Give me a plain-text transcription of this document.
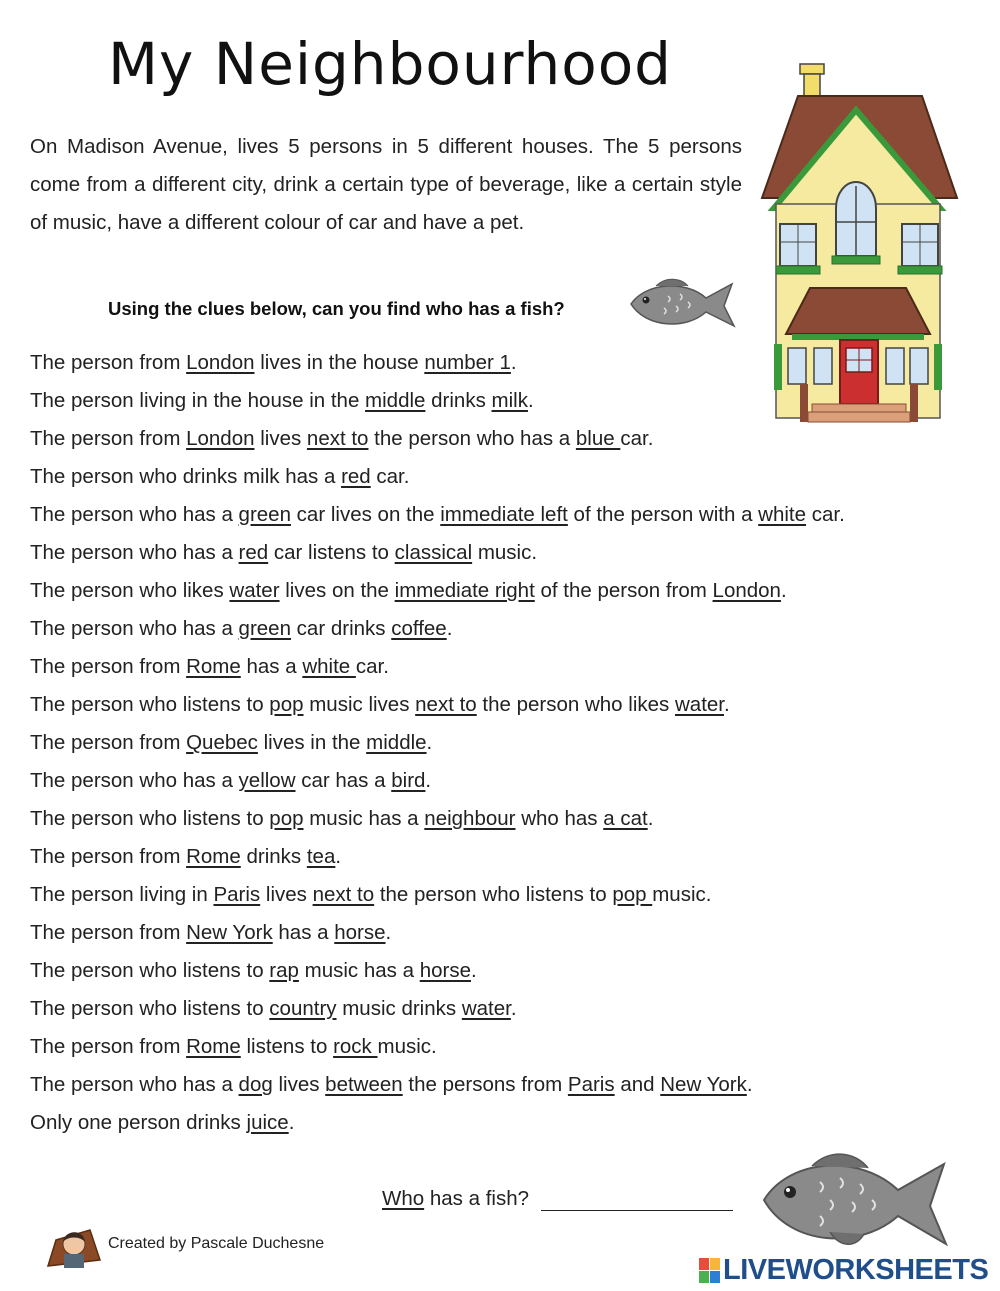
My Neighbourhood
On Madison Avenue, lives 5 persons in 5 different houses. The 5 persons come from a different city, drink a certain type of beverage, like a certain style of music, have a different colour of car and have a pet.
Using the clues below, can you find who has a fish?
The person from London lives in the house number 1.
The person living in the house in the middle drinks milk.
The person from London lives next to the person who has a blue car.
The person who drinks milk has a red car.
The person who has a green car lives on the immediate left of the person with a white car.
The person who has a red car listens to classical music.
The person who likes water lives on the immediate right of the person from London.
The person who has a green car drinks coffee.
The person from Rome has a white car.
The person who listens to pop music lives next to the person who likes water.
The person from Quebec lives in the middle.
The person who has a yellow car has a bird.
The person who listens to pop music has a neighbour who has a cat.
The person from Rome drinks tea.
The person living in Paris lives next to the person who listens to pop music.
The person from New York has a horse.
The person who listens to rap music has a horse.
The person who listens to country music drinks water.
The person from Rome listens to rock music.
The person who has a dog lives between the persons from Paris and New York.
Only one person drinks juice.
Who has a fish?
Created by Pascale Duchesne
LIVEWORKSHEETS
